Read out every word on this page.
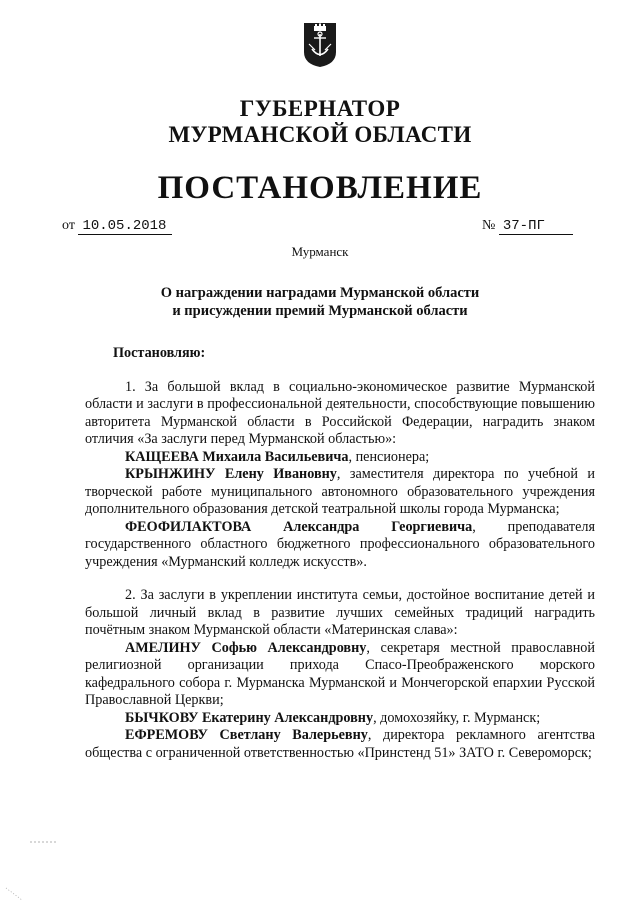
ГУБЕРНАТОР
МУРМАНСКОЙ ОБЛАСТИ
ПОСТАНОВЛЕНИЕ
от 10.05.2018	№ 37-ПГ
Мурманск
О награждении наградами Мурманской области
и присуждении премий Мурманской области

Постановляю:

1. За большой вклад в социально-экономическое развитие Мурманской области и заслуги в профессиональной деятельности, способствующие повышению авторитета Мурманской области в Российской Федерации, наградить знаком отличия «За заслуги перед Мурманской областью»:

КАЩЕЕВА Михаила Васильевича, пенсионера;

КРЫНЖИНУ Елену Ивановну, заместителя директора по учебной и творческой работе муниципального автономного образовательного учреждения дополнительного образования детской театральной школы города Мурманска;

ФЕОФИЛАКТОВА Александра Георгиевича, преподавателя государственного областного бюджетного профессионального образовательного учреждения «Мурманский колледж искусств».

2. За заслуги в укреплении института семьи, достойное воспитание детей и большой личный вклад в развитие лучших семейных традиций наградить почётным знаком Мурманской области «Материнская слава»:

АМЕЛИНУ Софью Александровну, секретаря местной православной религиозной организации прихода Спасо-Преображенского морского кафедрального собора г. Мурманска Мурманской и Мончегорской епархии Русской Православной Церкви;

БЫЧКОВУ Екатерину Александровну, домохозяйку, г. Мурманск;

ЕФРЕМОВУ Светлану Валерьевну, директора рекламного агентства общества с ограниченной ответственностью «Принстенд 51» ЗАТО г. Североморск;
